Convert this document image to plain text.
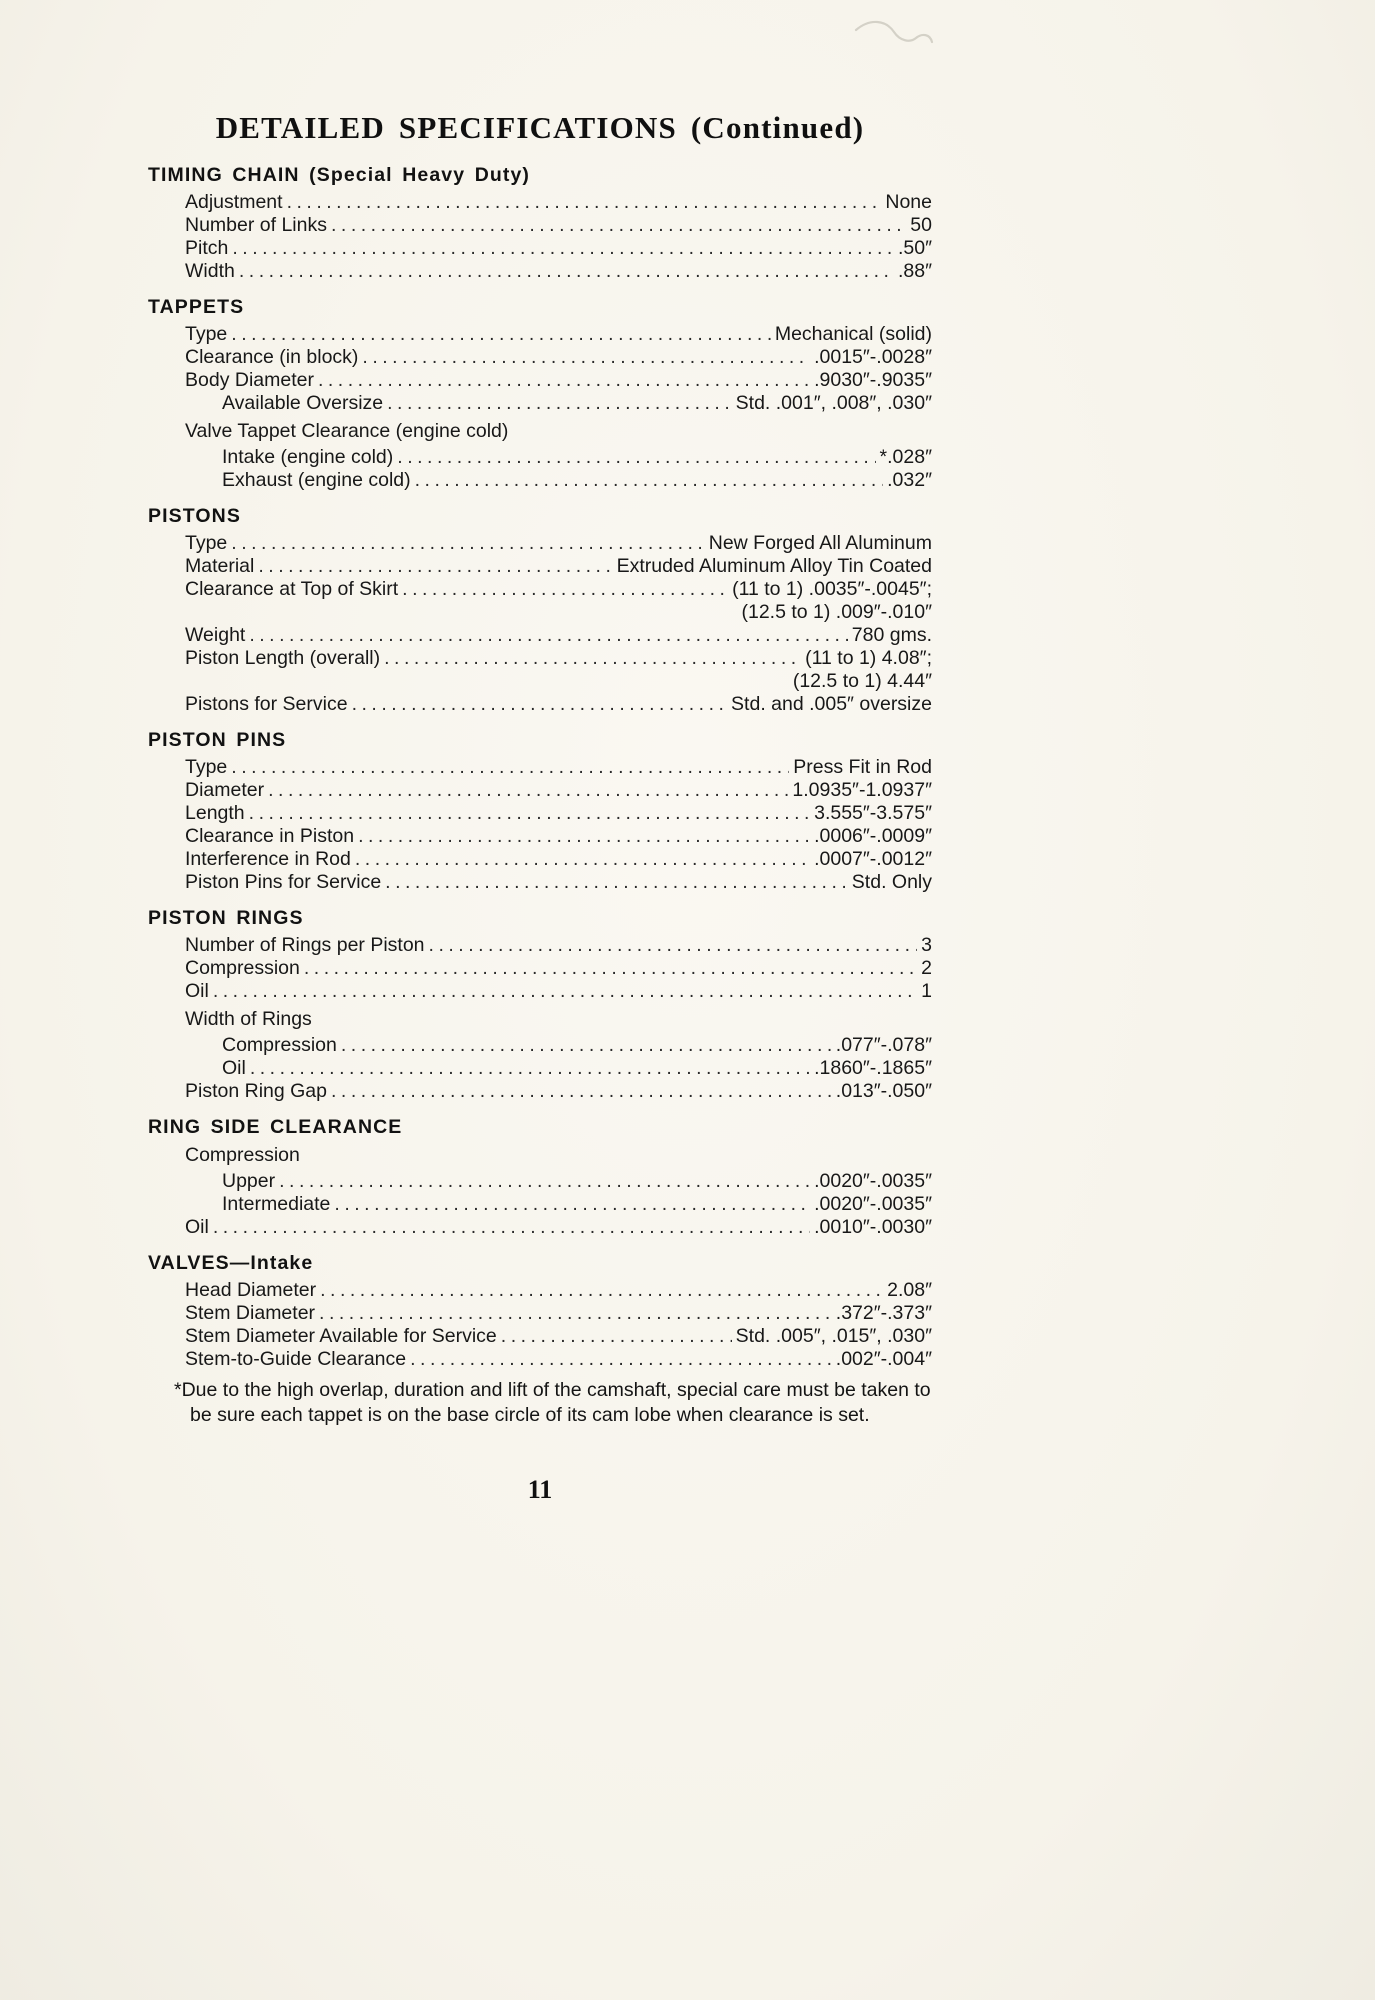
DETAILED SPECIFICATIONS (Continued)
TIMING CHAIN (Special Heavy Duty)
Adjustment .....	None
Number of Links .....	50
Pitch .....	.50″
Width .....	.88″
TAPPETS
Type .....	Mechanical (solid)
Clearance (in block) .....	.0015″-.0028″
Body Diameter .....	.9030″-.9035″
Available Oversize .....	Std. .001″, .008″, .030″
Valve Tappet Clearance (engine cold)
Intake (engine cold) .....	*.028″
Exhaust (engine cold) .....	.032″
PISTONS
Type .....	New Forged All Aluminum
Material .....	Extruded Aluminum Alloy Tin Coated
Clearance at Top of Skirt .....	(11 to 1) .0035″-.0045″;
(12.5 to 1) .009″-.010″
Weight .....	780 gms.
Piston Length (overall) .....	(11 to 1) 4.08″;
(12.5 to 1) 4.44″
Pistons for Service .....	Std. and .005″ oversize
PISTON PINS
Type .....	Press Fit in Rod
Diameter .....	1.0935″-1.0937″
Length .....	3.555″-3.575″
Clearance in Piston .....	.0006″-.0009″
Interference in Rod .....	.0007″-.0012″
Piston Pins for Service .....	Std. Only
PISTON RINGS
Number of Rings per Piston .....	3
Compression .....	2
Oil .....	1
Width of Rings
Compression .....	.077″-.078″
Oil .....	.1860″-.1865″
Piston Ring Gap .....	.013″-.050″
RING SIDE CLEARANCE
Compression
Upper .....	.0020″-.0035″
Intermediate .....	.0020″-.0035″
Oil .....	.0010″-.0030″
VALVES—Intake
Head Diameter .....	2.08″
Stem Diameter .....	.372″-.373″
Stem Diameter Available for Service .....	Std. .005″, .015″, .030″
Stem-to-Guide Clearance .....	.002″-.004″
*Due to the high overlap, duration and lift of the camshaft, special care must be taken to
be sure each tappet is on the base circle of its cam lobe when clearance is set.
11
